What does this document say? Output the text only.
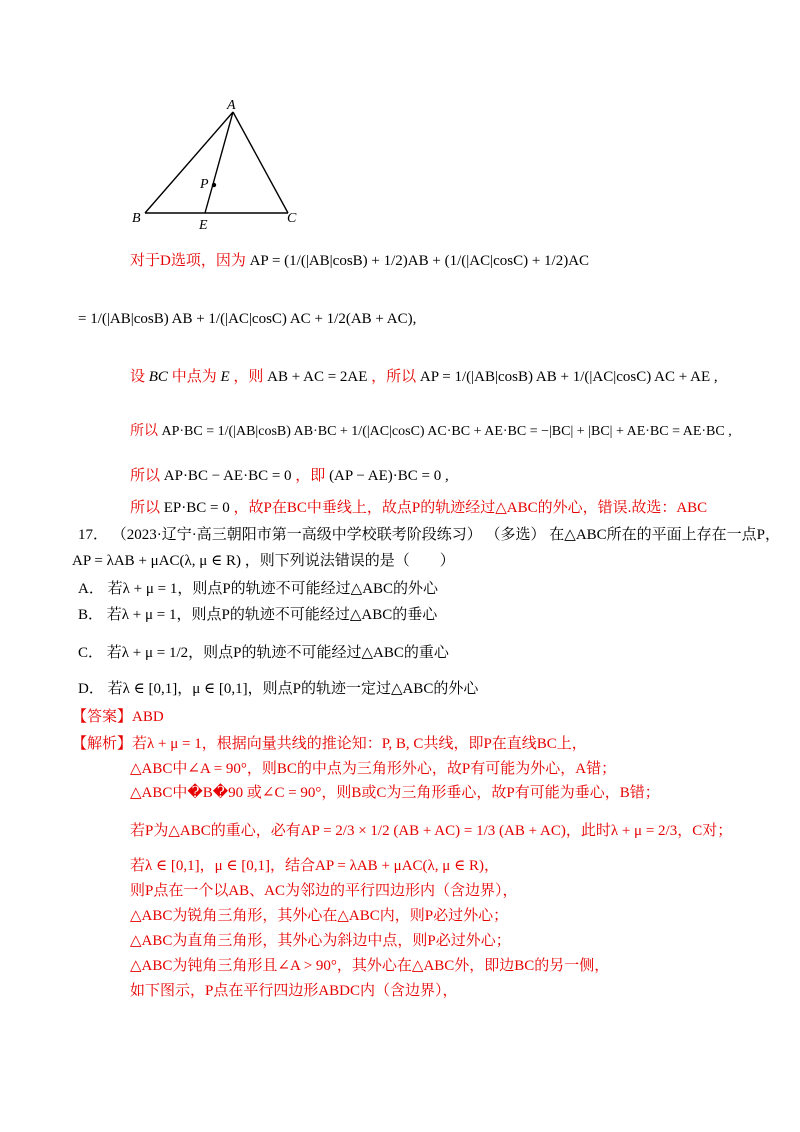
A
B	C
E
P
对于D选项，因为 AP = (1/(|AB|cosB) + 1/2)AB + (1/(|AC|cosC) + 1/2)AC
= 1/(|AB|cosB) AB + 1/(|AC|cosC) AC + 1/2(AB + AC),
设 BC 中点为 E ，则 AB + AC = 2AE ，所以 AP = 1/(|AB|cosB) AB + 1/(|AC|cosC) AC + AE ,
所以 AP·BC = 1/(|AB|cosB) AB·BC + 1/(|AC|cosC) AC·BC + AE·BC = −|BC| + |BC| + AE·BC = AE·BC ,
所以 AP·BC − AE·BC = 0 ，即 (AP − AE)·BC = 0 ,
所以 EP·BC = 0 ，故P在BC中垂线上，故点P的轨迹经过△ABC的外心，错误.故选：ABC
17． （2023·辽宁·高三朝阳市第一高级中学校联考阶段练习） （多选） 在△ABC所在的平面上存在一点P，
AP = λAB + μAC(λ, μ ∈ R) ，则下列说法错误的是（　　）
A． 若λ + μ = 1，则点P的轨迹不可能经过△ABC的外心
B． 若λ + μ = 1，则点P的轨迹不可能经过△ABC的垂心
C． 若λ + μ = 1/2，则点P的轨迹不可能经过△ABC的重心
D． 若λ ∈ [0,1]，μ ∈ [0,1]，则点P的轨迹一定过△ABC的外心
【答案】ABD
【解析】若λ + μ = 1，根据向量共线的推论知：P, B, C共线，即P在直线BC上，
△ABC中∠A = 90°，则BC的中点为三角形外心，故P有可能为外心，A错；
△ABC中�B�90 或∠C = 90°，则B或C为三角形垂心，故P有可能为垂心，B错；
若P为△ABC的重心，必有AP = 2/3 × 1/2 (AB + AC) = 1/3 (AB + AC)，此时λ + μ = 2/3，C对；
若λ ∈ [0,1]，μ ∈ [0,1]，结合AP = λAB + μAC(λ, μ ∈ R)，
则P点在一个以AB、AC为邻边的平行四边形内（含边界），
△ABC为锐角三角形，其外心在△ABC内，则P必过外心；
△ABC为直角三角形，其外心为斜边中点，则P必过外心；
△ABC为钝角三角形且∠A > 90°，其外心在△ABC外，即边BC的另一侧，
如下图示，P点在平行四边形ABDC内（含边界），
